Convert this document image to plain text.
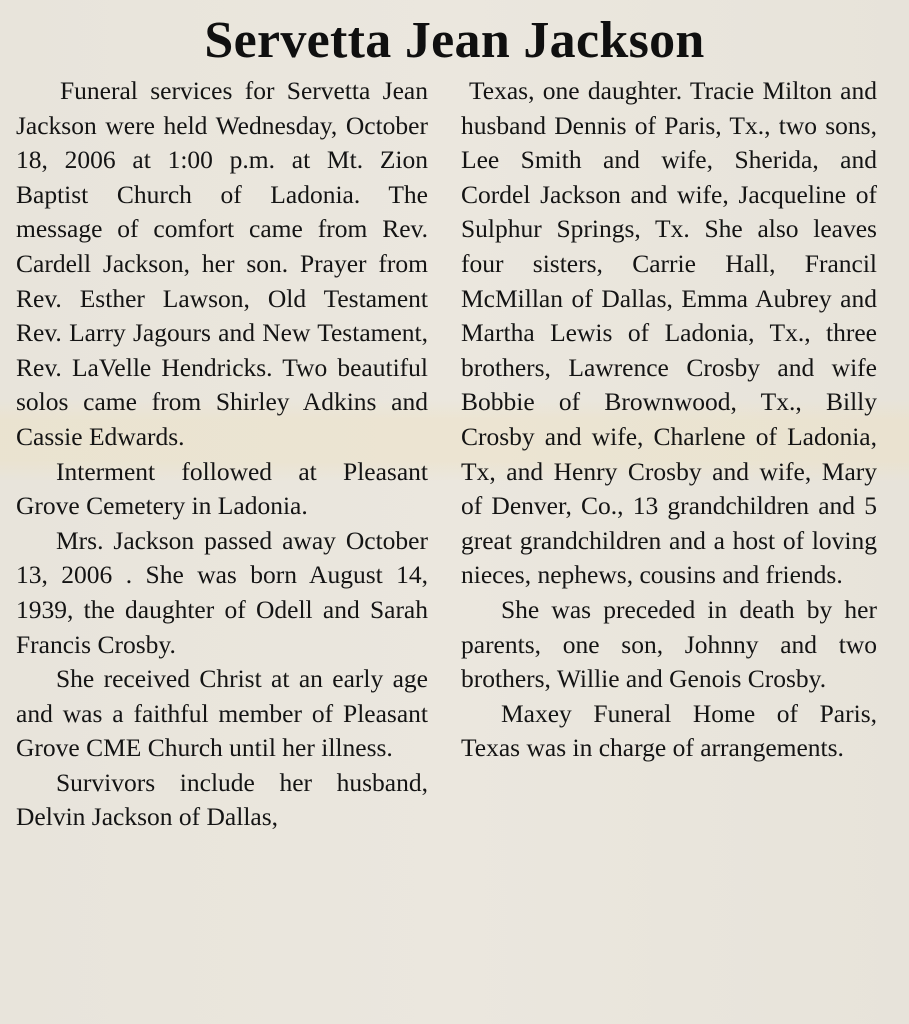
Servetta Jean Jackson

Funeral services for Servetta Jean Jackson were held Wednesday, October 18, 2006 at 1:00 p.m. at Mt. Zion Baptist Church of Ladonia. The message of comfort came from Rev. Cardell Jackson, her son. Prayer from Rev. Esther Lawson, Old Testament Rev. Larry Jagours and New Testament, Rev. LaVelle Hendricks. Two beautiful solos came from Shirley Adkins and Cassie Edwards.

Interment followed at Pleasant Grove Cemetery in Ladonia.

Mrs. Jackson passed away October 13, 2006 . She was born August 14, 1939, the daughter of Odell and Sarah Francis Crosby.

She received Christ at an early age and was a faithful member of Pleasant Grove CME Church until her illness.

Survivors include her husband, Delvin Jackson of Dallas,

Texas, one daughter. Tracie Milton and husband Dennis of Paris, Tx., two sons, Lee Smith and wife, Sherida, and Cordel Jackson and wife, Jacqueline of Sulphur Springs, Tx. She also leaves four sisters, Carrie Hall, Francil McMillan of Dallas, Emma Aubrey and Martha Lewis of Ladonia, Tx., three brothers, Lawrence Crosby and wife Bobbie of Brownwood, Tx., Billy Crosby and wife, Charlene of Ladonia, Tx, and Henry Crosby and wife, Mary of Denver, Co., 13 grandchildren and 5 great grandchildren and a host of loving nieces, nephews, cousins and friends.

She was preceded in death by her parents, one son, Johnny and two brothers, Willie and Genois Crosby.

Maxey Funeral Home of Paris, Texas was in charge of arrangements.
